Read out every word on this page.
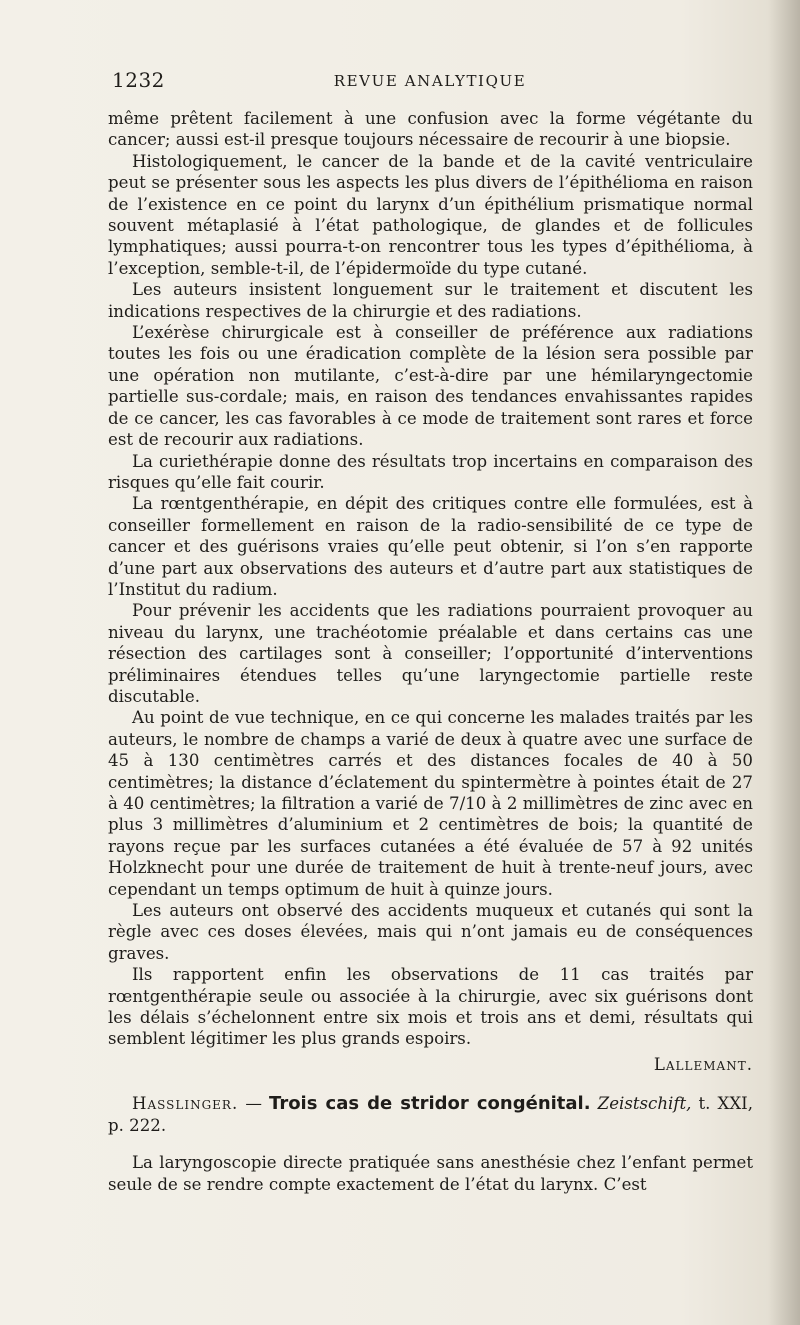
1232	REVUE ANALYTIQUE

même prêtent facilement à une confusion avec la forme végétante du cancer; aussi est-il presque toujours nécessaire de recourir à une biopsie.

Histologiquement, le cancer de la bande et de la cavité ventriculaire peut se présenter sous les aspects les plus divers de l’épithélioma en raison de l’existence en ce point du larynx d’un épithélium prismatique normal souvent métaplasié à l’état pathologique, de glandes et de follicules lymphatiques; aussi pourra-t-on rencontrer tous les types d’épithélioma, à l’exception, semble-t-il, de l’épidermoïde du type cutané.

Les auteurs insistent longuement sur le traitement et discutent les indications respectives de la chirurgie et des radiations.

L’exérèse chirurgicale est à conseiller de préférence aux radiations toutes les fois ou une éradication complète de la lésion sera possible par une opération non mutilante, c’est-à-dire par une hémilaryngectomie partielle sus-cordale; mais, en raison des tendances envahissantes rapides de ce cancer, les cas favorables à ce mode de traitement sont rares et force est de recourir aux radiations.

La curiethérapie donne des résultats trop incertains en comparaison des risques qu’elle fait courir.

La rœntgenthérapie, en dépit des critiques contre elle formulées, est à conseiller formellement en raison de la radio-sensibilité de ce type de cancer et des guérisons vraies qu’elle peut obtenir, si l’on s’en rapporte d’une part aux observations des auteurs et d’autre part aux statistiques de l’Institut du radium.

Pour prévenir les accidents que les radiations pourraient provoquer au niveau du larynx, une trachéotomie préalable et dans certains cas une résection des cartilages sont à conseiller; l’opportunité d’interventions préliminaires étendues telles qu’une laryngectomie partielle reste discutable.

Au point de vue technique, en ce qui concerne les malades traités par les auteurs, le nombre de champs a varié de deux à quatre avec une surface de 45 à 130 centimètres carrés et des distances focales de 40 à 50 centimètres; la distance d’éclatement du spintermètre à pointes était de 27 à 40 centimètres; la filtration a varié de 7/10 à 2 millimètres de zinc avec en plus 3 millimètres d’aluminium et 2 centimètres de bois; la quantité de rayons reçue par les surfaces cutanées a été évaluée de 57 à 92 unités Holzknecht pour une durée de traitement de huit à trente-neuf jours, avec cependant un temps optimum de huit à quinze jours.

Les auteurs ont observé des accidents muqueux et cutanés qui sont la règle avec ces doses élevées, mais qui n’ont jamais eu de conséquences graves.

Ils rapportent enfin les observations de 11 cas traités par rœntgenthérapie seule ou associée à la chirurgie, avec six guérisons dont les délais s’échelonnent entre six mois et trois ans et demi, résultats qui semblent légitimer les plus grands espoirs.

Lallemant.

Hasslinger. — Trois cas de stridor congénital. Zeistschift, t. XXI, p. 222.

La laryngoscopie directe pratiquée sans anesthésie chez l’enfant permet seule de se rendre compte exactement de l’état du larynx. C’est
